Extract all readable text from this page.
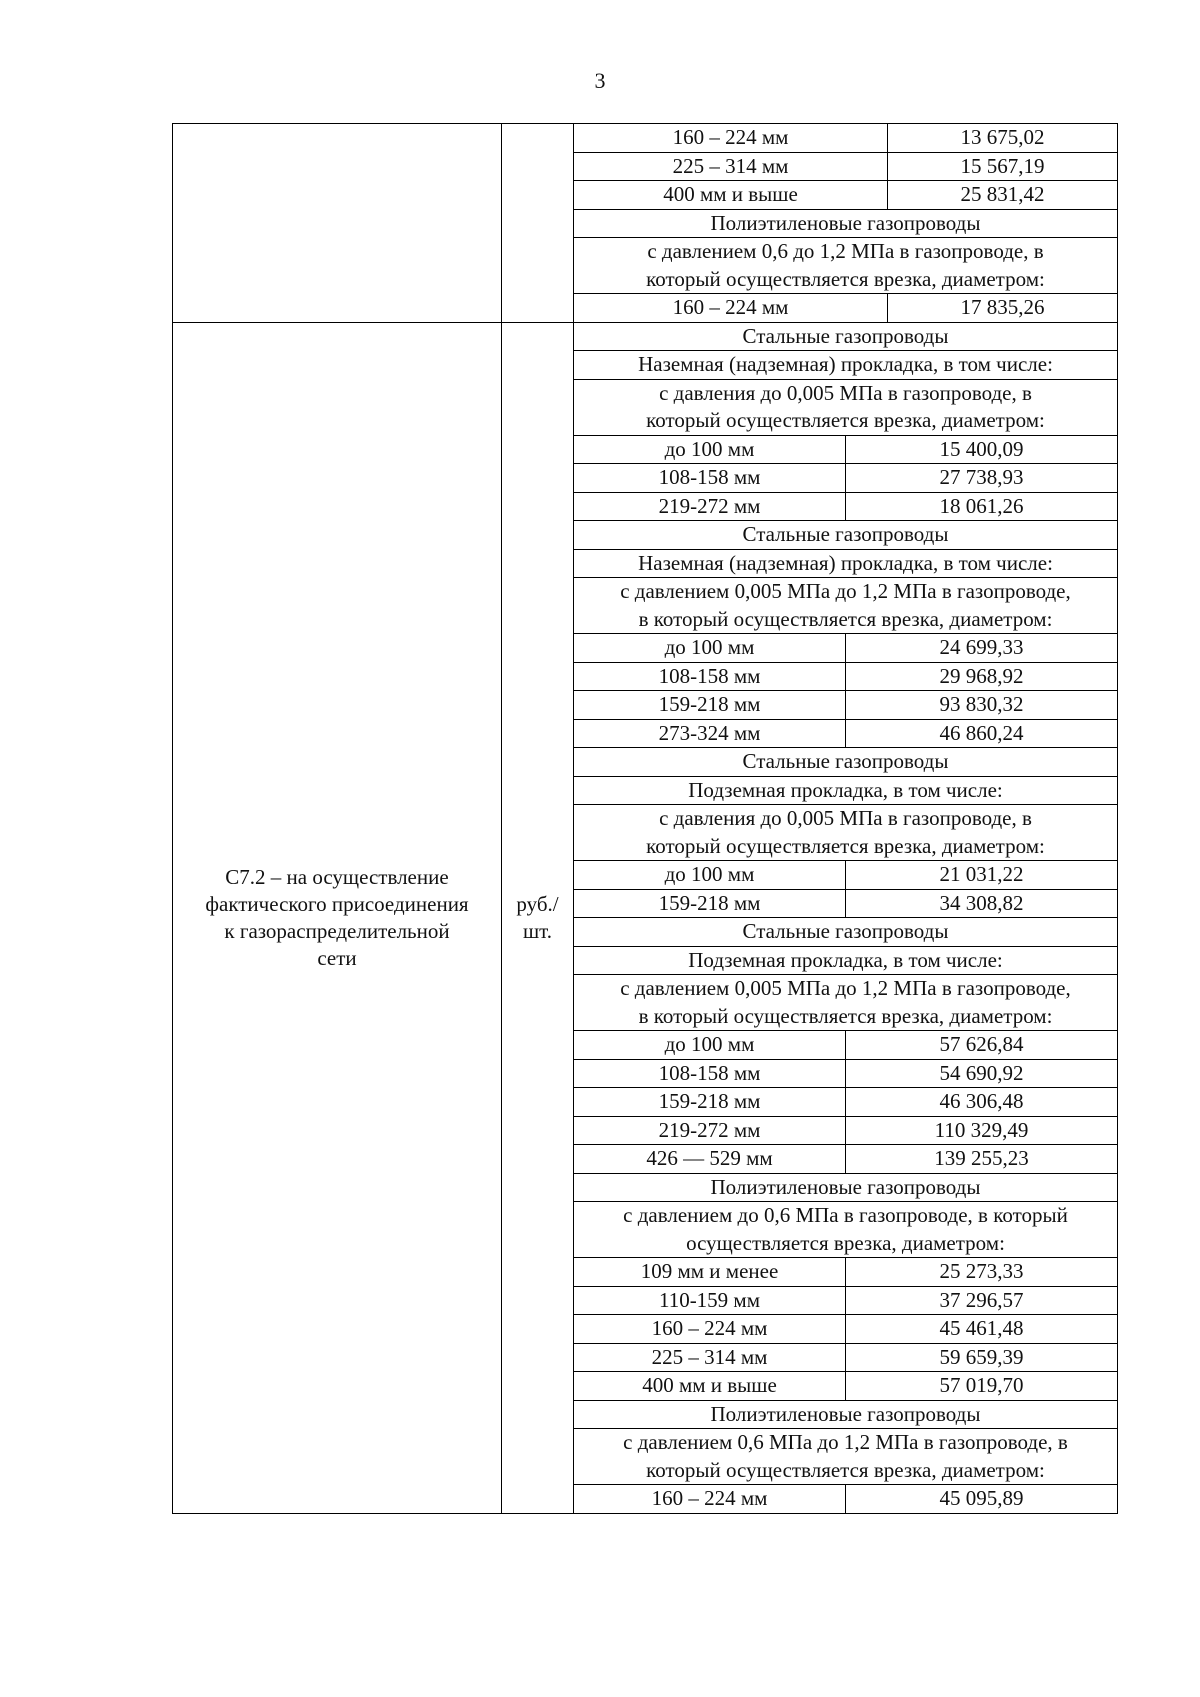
3

160 – 224 мм	13 675,02
225 – 314 мм	15 567,19
400 мм и выше	25 831,42
Полиэтиленовые газопроводы

с давлением 0,6 до 1,2 МПа в газопроводе, в
который осуществляется врезка, диаметром:

160 – 224 мм	17 835,26

С7.2 – на осуществление
фактического присоединения
к газораспределительной
сети

руб./
шт.

Стальные газопроводы
Наземная (надземная) прокладка, в том числе:

с давления до 0,005 МПа в газопроводе, в
который осуществляется врезка, диаметром:

до 100 мм	15 400,09
108-158 мм	27 738,93
219-272 мм	18 061,26
Стальные газопроводы
Наземная (надземная) прокладка, в том числе:

с давлением 0,005 МПа до 1,2 МПа в газопроводе,
в который осуществляется врезка, диаметром:

до 100 мм	24 699,33
108-158 мм	29 968,92
159-218 мм	93 830,32
273-324 мм	46 860,24
Стальные газопроводы
Подземная прокладка, в том числе:

с давления до 0,005 МПа в газопроводе, в
который осуществляется врезка, диаметром:

до 100 мм	21 031,22
159-218 мм	34 308,82
Стальные газопроводы
Подземная прокладка, в том числе:

с давлением 0,005 МПа до 1,2 МПа в газопроводе,
в который осуществляется врезка, диаметром:

до 100 мм	57 626,84
108-158 мм	54 690,92
159-218 мм	46 306,48
219-272 мм	110 329,49
426 — 529 мм	139 255,23
Полиэтиленовые газопроводы

с давлением до 0,6 МПа в газопроводе, в который
осуществляется врезка, диаметром:

109 мм и менее	25 273,33
110-159 мм	37 296,57
160 – 224 мм	45 461,48
225 – 314 мм	59 659,39
400 мм и выше	57 019,70
Полиэтиленовые газопроводы

с давлением 0,6 МПа до 1,2 МПа в газопроводе, в
который осуществляется врезка, диаметром:

160 – 224 мм	45 095,89
